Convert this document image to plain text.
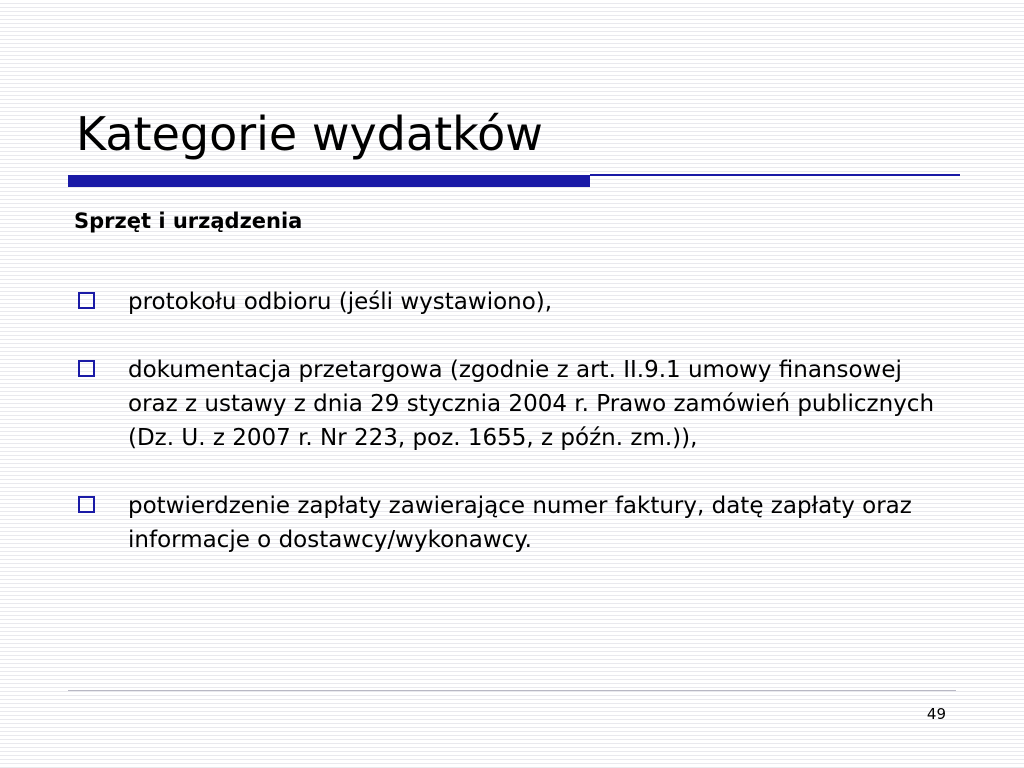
Kategorie wydatków
Sprzęt i urządzenia
protokołu odbioru (jeśli wystawiono),
dokumentacja przetargowa (zgodnie z art. II.9.1 umowy finansowej oraz z ustawy z dnia 29 stycznia 2004 r. Prawo zamówień publicznych (Dz. U. z 2007 r. Nr 223, poz. 1655, z późn. zm.)),
potwierdzenie zapłaty zawierające numer faktury, datę zapłaty oraz informacje o dostawcy/wykonawcy.
49
